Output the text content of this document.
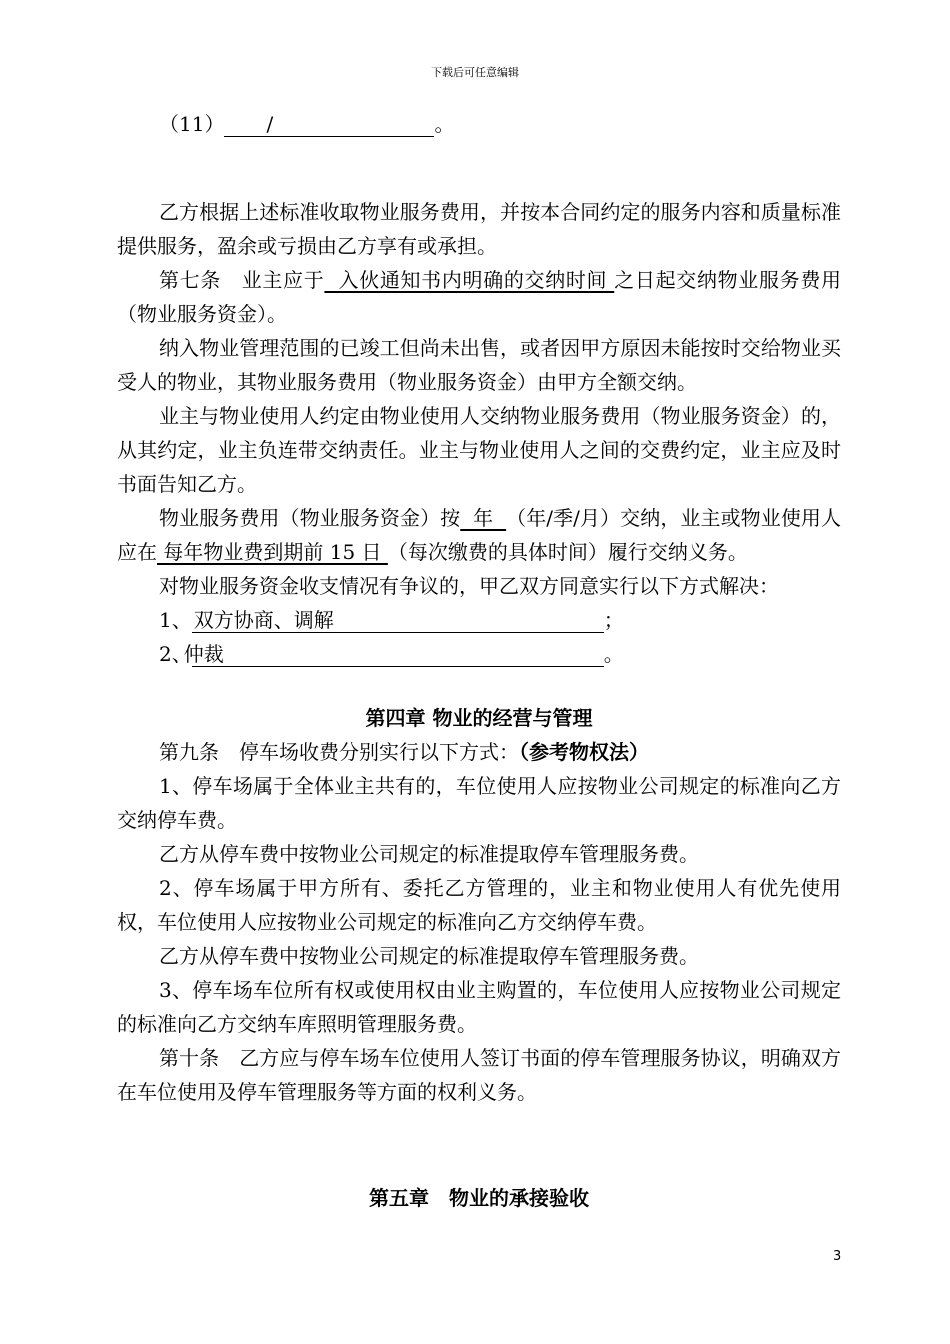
下载后可任意编辑

（11） /	。

乙方根据上述标准收取物业服务费用，并按本合同约定的服务内容和质量标准提供服务，盈余或亏损由乙方享有或承担。

第七条　业主应于  入伙通知书内明确的交纳时间 之日起交纳物业服务费用（物业服务资金）。

纳入物业管理范围的已竣工但尚未出售，或者因甲方原因未能按时交给物业买受人的物业，其物业服务费用（物业服务资金）由甲方全额交纳。

业主与物业使用人约定由物业使用人交纳物业服务费用（物业服务资金）的，从其约定，业主负连带交纳责任。业主与物业使用人之间的交费约定，业主应及时书面告知乙方。

物业服务费用（物业服务资金）按  年  （年/季/月）交纳，业主或物业使用人应在 每年物业费到期前 15 日 （每次缴费的具体时间）履行交纳义务。

对物业服务资金收支情况有争议的，甲乙双方同意实行以下方式解决：

1、 双方协商、调解	；

2、仲裁	。

第四章 物业的经营与管理

第九条　停车场收费分别实行以下方式：（参考物权法）

1、停车场属于全体业主共有的，车位使用人应按物业公司规定的标准向乙方交纳停车费。

乙方从停车费中按物业公司规定的标准提取停车管理服务费。

2、停车场属于甲方所有、委托乙方管理的，业主和物业使用人有优先使用权，车位使用人应按物业公司规定的标准向乙方交纳停车费。

乙方从停车费中按物业公司规定的标准提取停车管理服务费。

3、停车场车位所有权或使用权由业主购置的，车位使用人应按物业公司规定的标准向乙方交纳车库照明管理服务费。

第十条　乙方应与停车场车位使用人签订书面的停车管理服务协议，明确双方在车位使用及停车管理服务等方面的权利义务。

第五章　物业的承接验收

3
